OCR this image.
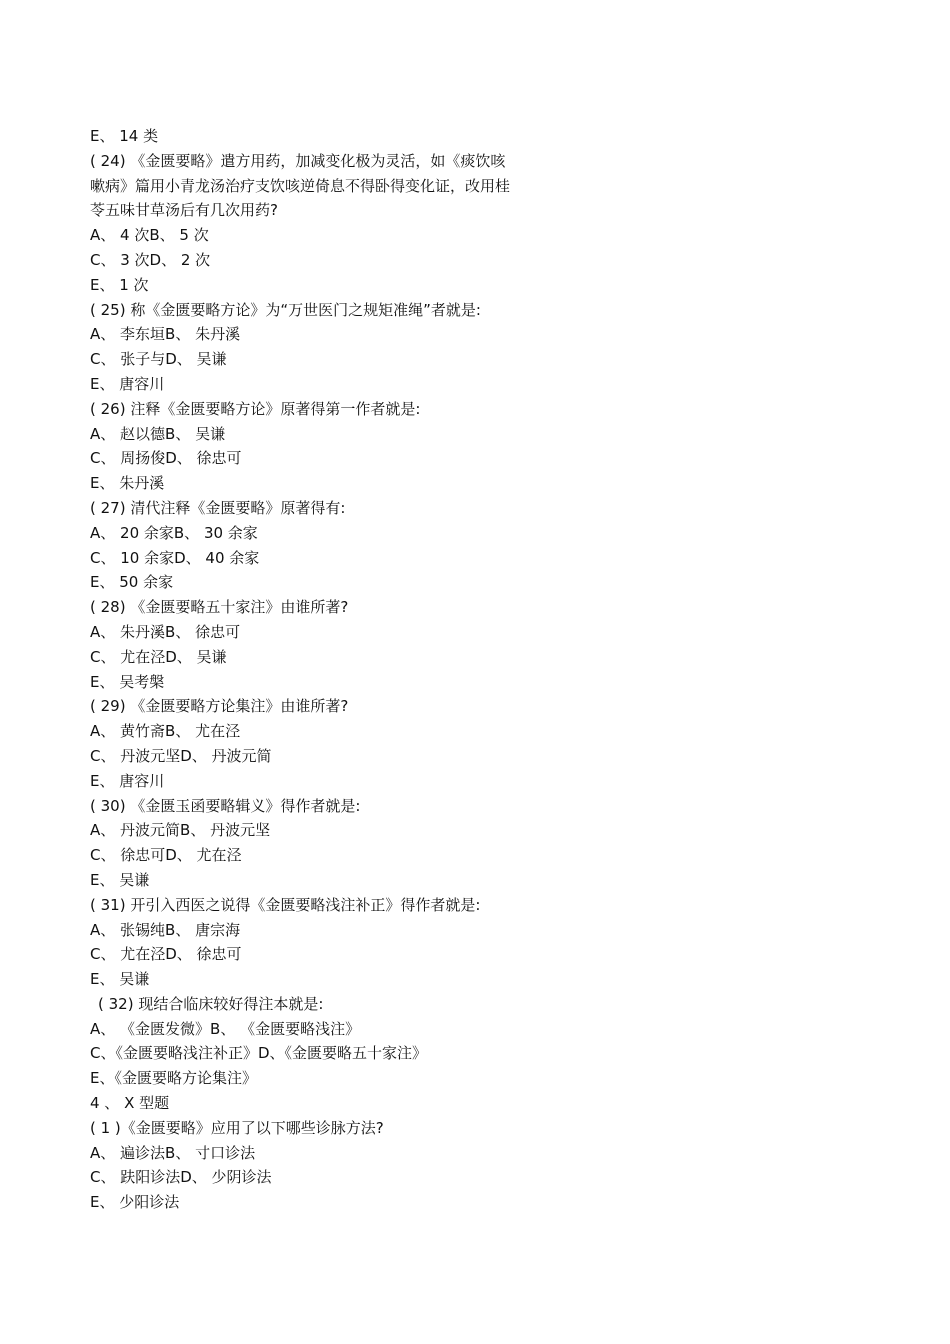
E、 14 类
( 24) 《金匮要略》遣方用药，加减变化极为灵活，如《痰饮咳
嗽病》篇用小青龙汤治疗支饮咳逆倚息不得卧得变化证，改用桂
苓五味甘草汤后有几次用药?
A、 4 次B、 5 次
C、 3 次D、 2 次
E、 1 次
( 25) 称《金匮要略方论》为“万世医门之规矩准绳”者就是:
A、 李东垣B、 朱丹溪
C、 张子与D、 吴谦
E、 唐容川
( 26) 注释《金匮要略方论》原著得第一作者就是:
A、 赵以德B、 吴谦
C、 周扬俊D、 徐忠可
E、 朱丹溪
( 27) 清代注释《金匮要略》原著得有:
A、 20 余家B、 30 余家
C、 10 余家D、 40 余家
E、 50 余家
( 28) 《金匮要略五十家注》由谁所著?
A、 朱丹溪B、 徐忠可
C、 尤在泾D、 吴谦
E、 吴考槃
( 29) 《金匮要略方论集注》由谁所著?
A、 黄竹斋B、 尤在泾
C、 丹波元坚D、 丹波元简
E、 唐容川
( 30) 《金匮玉函要略辑义》得作者就是:
A、 丹波元简B、 丹波元坚
C、 徐忠可D、 尤在泾
E、 吴谦
( 31) 开引入西医之说得《金匮要略浅注补正》得作者就是:
A、 张锡纯B、 唐宗海
C、 尤在泾D、 徐忠可
E、 吴谦
( 32) 现结合临床较好得注本就是:
A、 《金匮发微》B、 《金匮要略浅注》
C、《金匮要略浅注补正》D、《金匮要略五十家注》
E、《金匮要略方论集注》
4 、 X 型题
( 1 )《金匮要略》应用了以下哪些诊脉方法?
A、 遍诊法B、 寸口诊法
C、 趺阳诊法D、 少阴诊法
E、 少阳诊法
